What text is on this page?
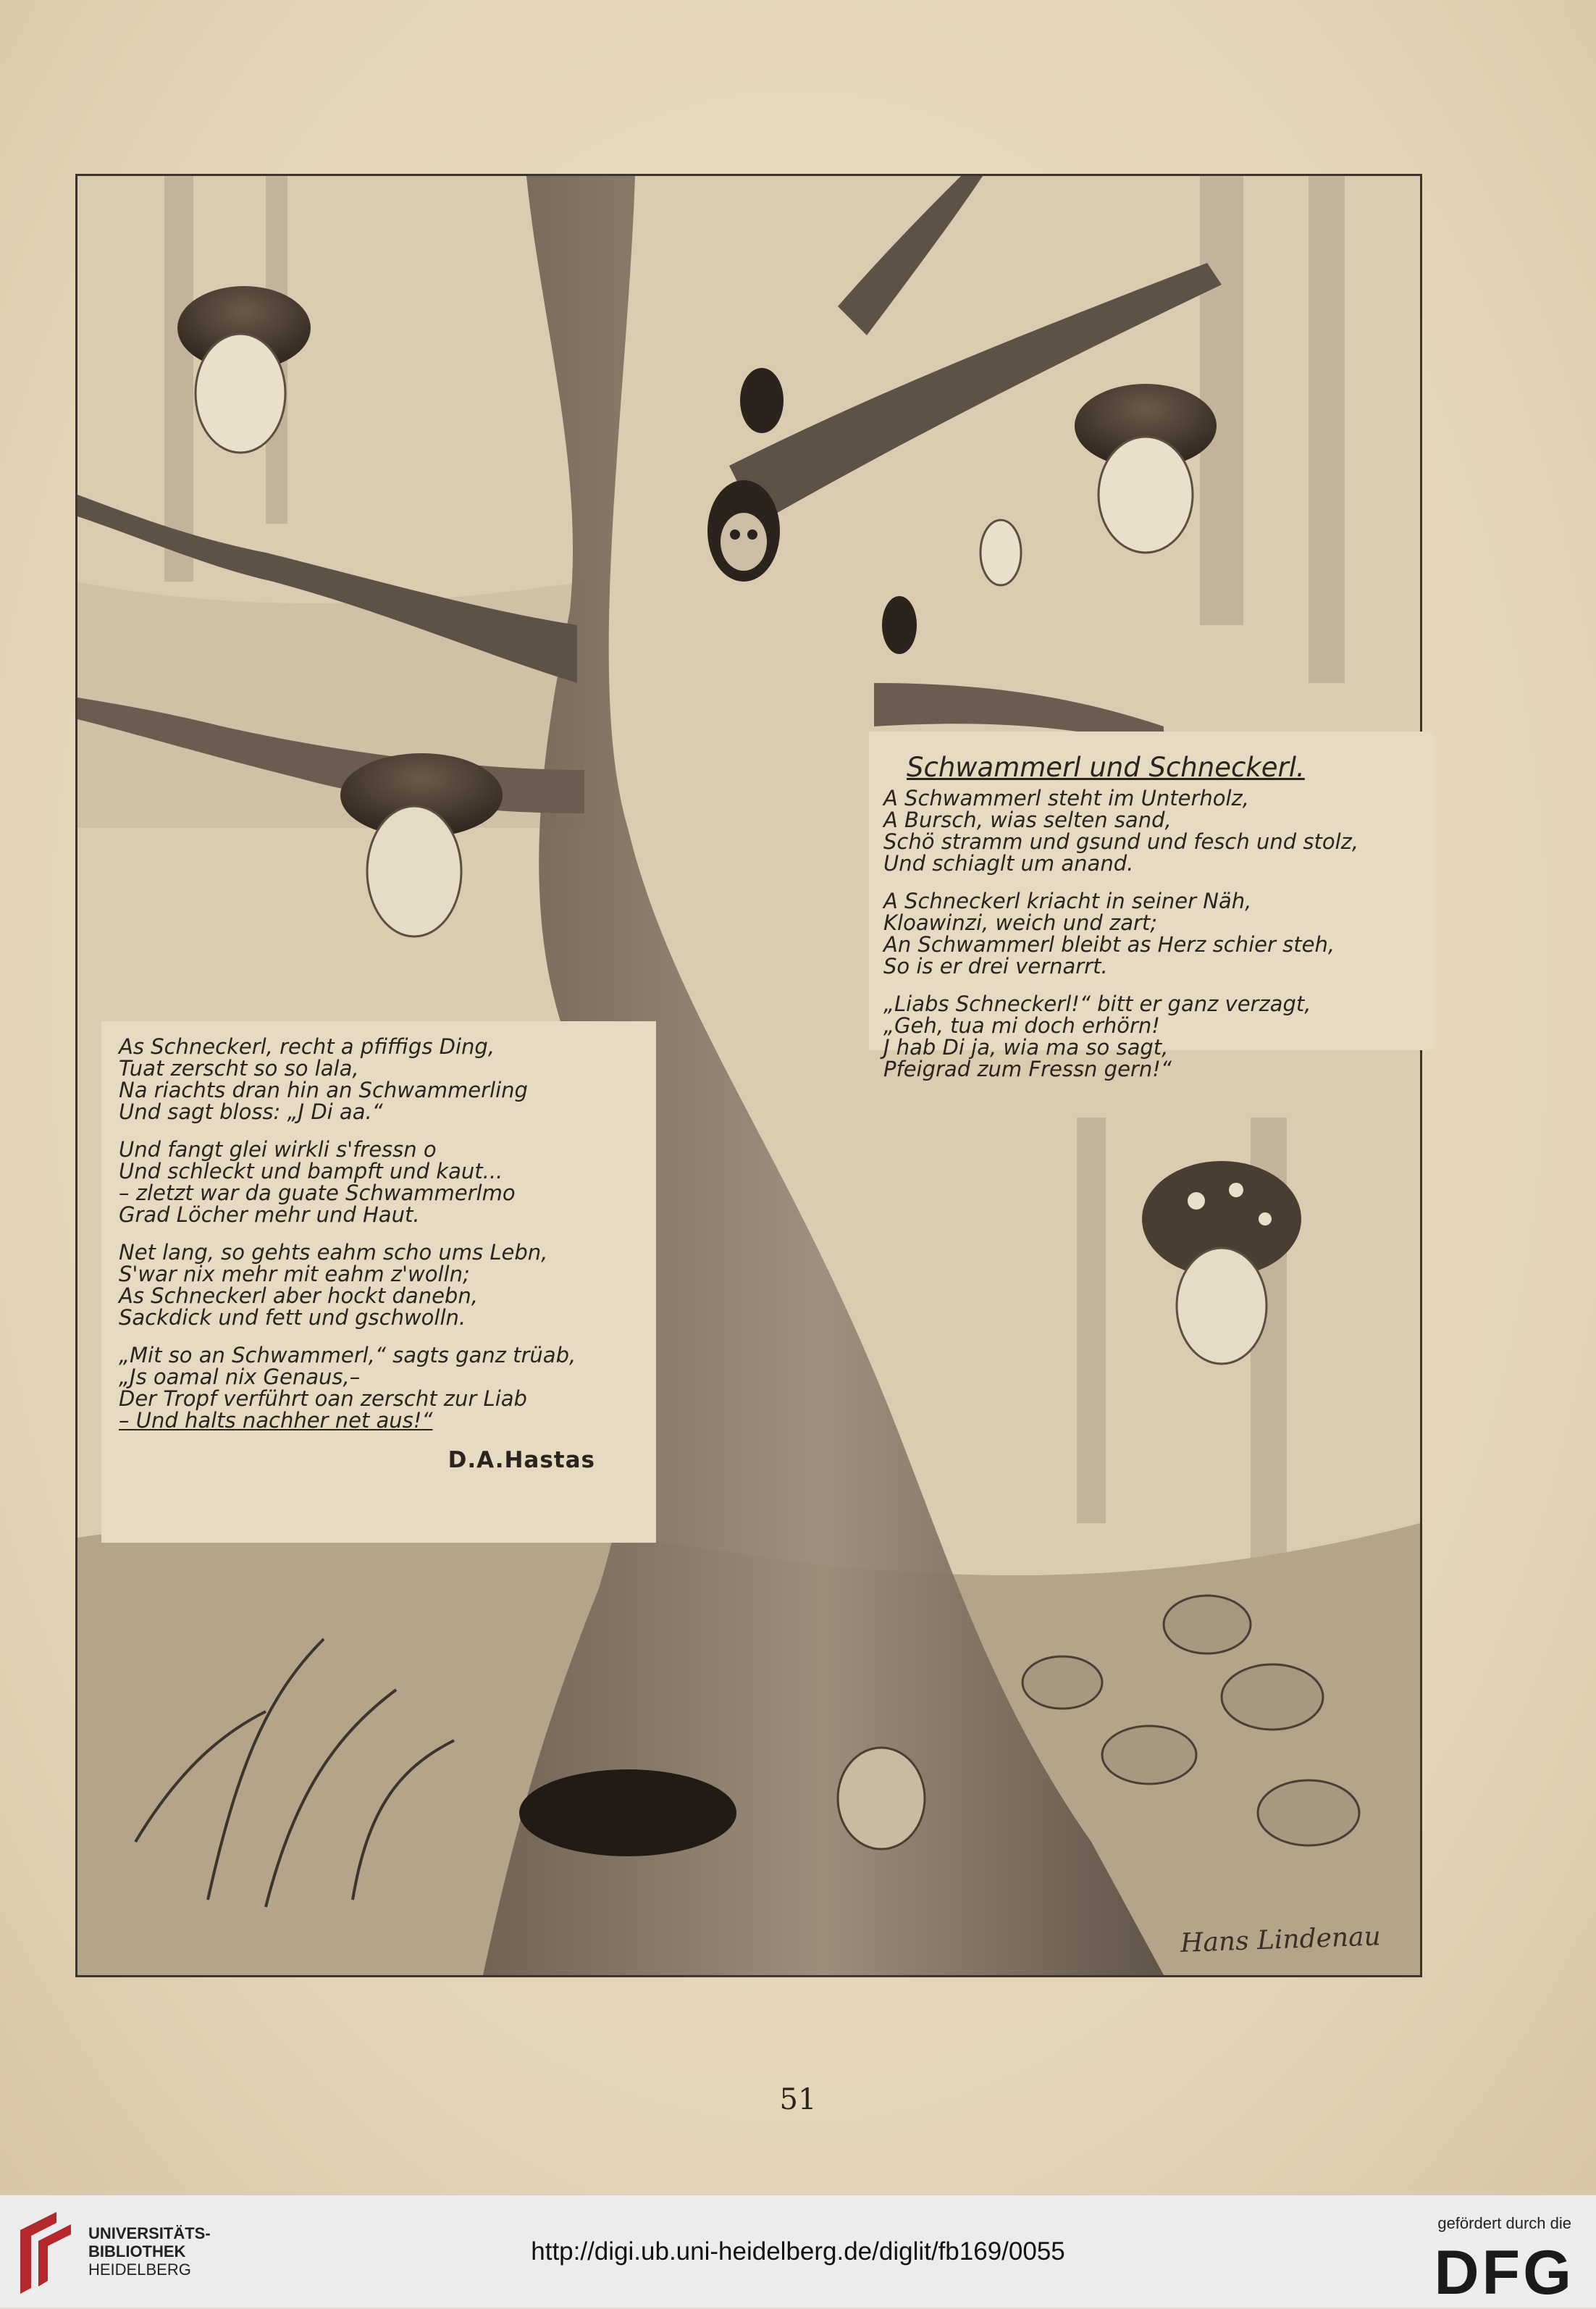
Schwammerl und Schneckerl.
A Schwammerl steht im Unterholz,
A Bursch, wias selten sand,
Schö stramm und gsund und fesch und stolz,
Und schiaglt um anand.
A Schneckerl kriacht in seiner Näh,
Kloawinzi, weich und zart;
An Schwammerl bleibt as Herz schier steh,
So is er drei vernarrt.
„Liabs Schneckerl!“ bitt er ganz verzagt,
„Geh, tua mi doch erhörn!
J hab Di ja, wia ma so sagt,
Pfeigrad zum Fressn gern!“
As Schneckerl, recht a pfiffigs Ding,
Tuat zerscht so so lala,
Na riachts dran hin an Schwammerling
Und sagt bloss: „J Di aa.“
Und fangt glei wirkli s'fressn o
Und schleckt und bampft und kaut...
– zletzt war da guate Schwammerlmo
Grad Löcher mehr und Haut.
Net lang, so gehts eahm scho ums Lebn,
S'war nix mehr mit eahm z'wolln;
As Schneckerl aber hockt danebn,
Sackdick und fett und gschwolln.
„Mit so an Schwammerl,“ sagts ganz trüab,
„Js oamal nix Genaus,–
Der Tropf verführt oan zerscht zur Liab
– Und halts nachher net aus!“
D.A.Hastas
Hans Lindenau
51
UNIVERSITÄTS-
BIBLIOTHEK
HEIDELBERG
http://digi.ub.uni-heidelberg.de/diglit/fb169/0055
gefördert durch die
DFG
